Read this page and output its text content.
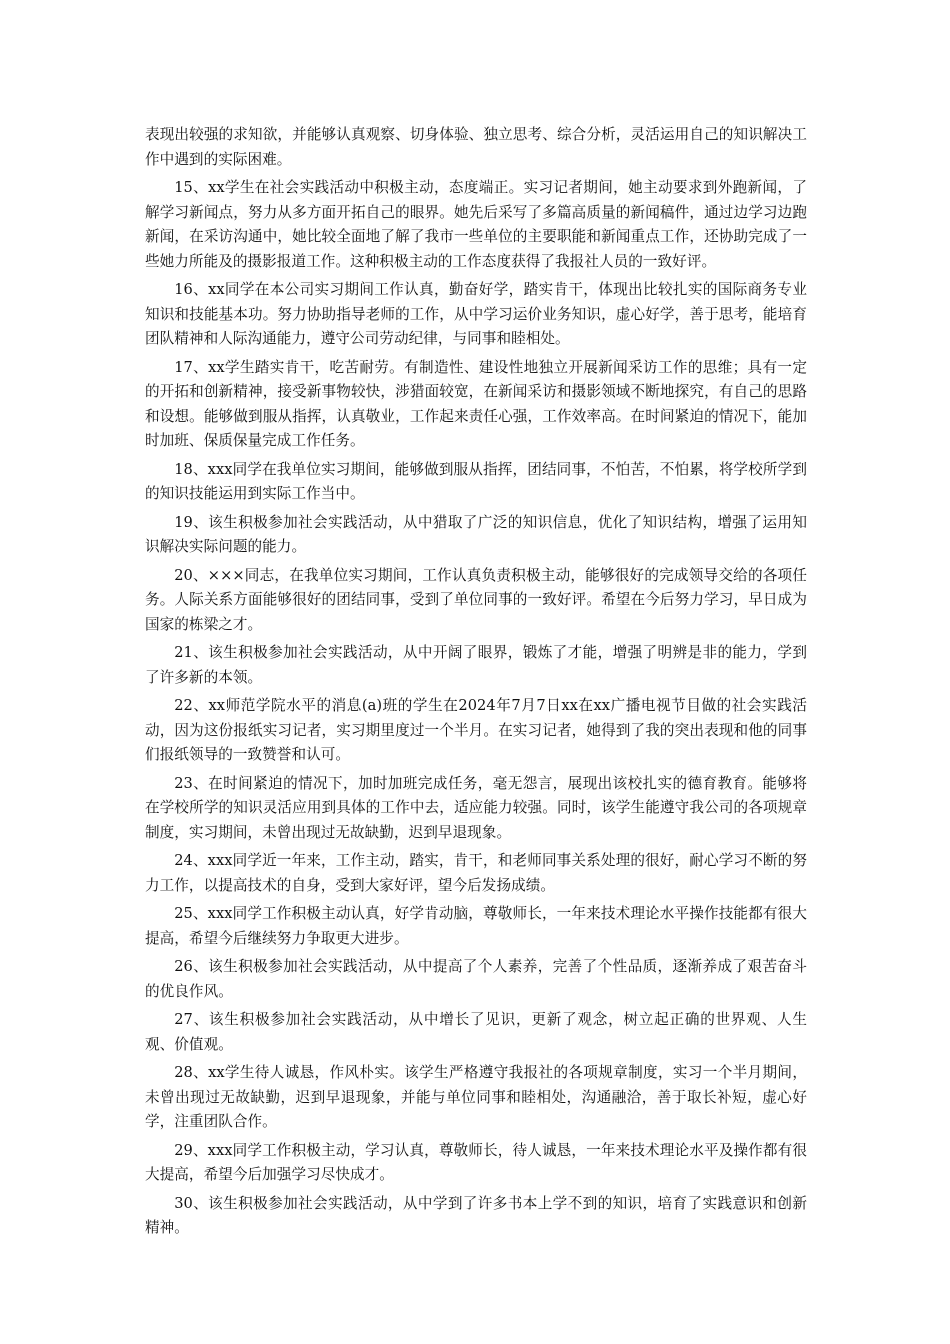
表现出较强的求知欲，并能够认真观察、切身体验、独立思考、综合分析，灵活运用自己的知识解决工作中遇到的实际困难。

15、xx学生在社会实践活动中积极主动，态度端正。实习记者期间，她主动要求到外跑新闻，了解学习新闻点，努力从多方面开拓自己的眼界。她先后采写了多篇高质量的新闻稿件，通过边学习边跑新闻，在采访沟通中，她比较全面地了解了我市一些单位的主要职能和新闻重点工作，还协助完成了一些她力所能及的摄影报道工作。这种积极主动的工作态度获得了我报社人员的一致好评。

16、xx同学在本公司实习期间工作认真，勤奋好学，踏实肯干，体现出比较扎实的国际商务专业知识和技能基本功。努力协助指导老师的工作，从中学习运价业务知识，虚心好学，善于思考，能培育团队精神和人际沟通能力，遵守公司劳动纪律，与同事和睦相处。

17、xx学生踏实肯干，吃苦耐劳。有制造性、建设性地独立开展新闻采访工作的思维；具有一定的开拓和创新精神，接受新事物较快，涉猎面较宽，在新闻采访和摄影领域不断地探究，有自己的思路和设想。能够做到服从指挥，认真敬业，工作起来责任心强，工作效率高。在时间紧迫的情况下，能加时加班、保质保量完成工作任务。

18、xxx同学在我单位实习期间，能够做到服从指挥，团结同事，不怕苦，不怕累，将学校所学到的知识技能运用到实际工作当中。

19、该生积极参加社会实践活动，从中猎取了广泛的知识信息，优化了知识结构，增强了运用知识解决实际问题的能力。

20、×××同志，在我单位实习期间，工作认真负责积极主动，能够很好的完成领导交给的各项任务。人际关系方面能够很好的团结同事，受到了单位同事的一致好评。希望在今后努力学习，早日成为国家的栋梁之才。

21、该生积极参加社会实践活动，从中开阔了眼界，锻炼了才能，增强了明辨是非的能力，学到了许多新的本领。

22、xx师范学院水平的消息(a)班的学生在2024年7月7日xx在xx广播电视节目做的社会实践活动，因为这份报纸实习记者，实习期里度过一个半月。在实习记者，她得到了我的突出表现和他的同事们报纸领导的一致赞誉和认可。

23、在时间紧迫的情况下，加时加班完成任务，毫无怨言，展现出该校扎实的德育教育。能够将在学校所学的知识灵活应用到具体的工作中去，适应能力较强。同时，该学生能遵守我公司的各项规章制度，实习期间，未曾出现过无故缺勤，迟到早退现象。

24、xxx同学近一年来，工作主动，踏实，肯干，和老师同事关系处理的很好，耐心学习不断的努力工作，以提高技术的自身，受到大家好评，望今后发扬成绩。

25、xxx同学工作积极主动认真，好学肯动脑，尊敬师长，一年来技术理论水平操作技能都有很大提高，希望今后继续努力争取更大进步。

26、该生积极参加社会实践活动，从中提高了个人素养，完善了个性品质，逐渐养成了艰苦奋斗的优良作风。

27、该生积极参加社会实践活动，从中增长了见识，更新了观念，树立起正确的世界观、人生观、价值观。

28、xx学生待人诚恳，作风朴实。该学生严格遵守我报社的各项规章制度，实习一个半月期间，未曾出现过无故缺勤，迟到早退现象，并能与单位同事和睦相处，沟通融洽，善于取长补短，虚心好学，注重团队合作。

29、xxx同学工作积极主动，学习认真，尊敬师长，待人诚恳，一年来技术理论水平及操作都有很大提高，希望今后加强学习尽快成才。

30、该生积极参加社会实践活动，从中学到了许多书本上学不到的知识，培育了实践意识和创新精神。
